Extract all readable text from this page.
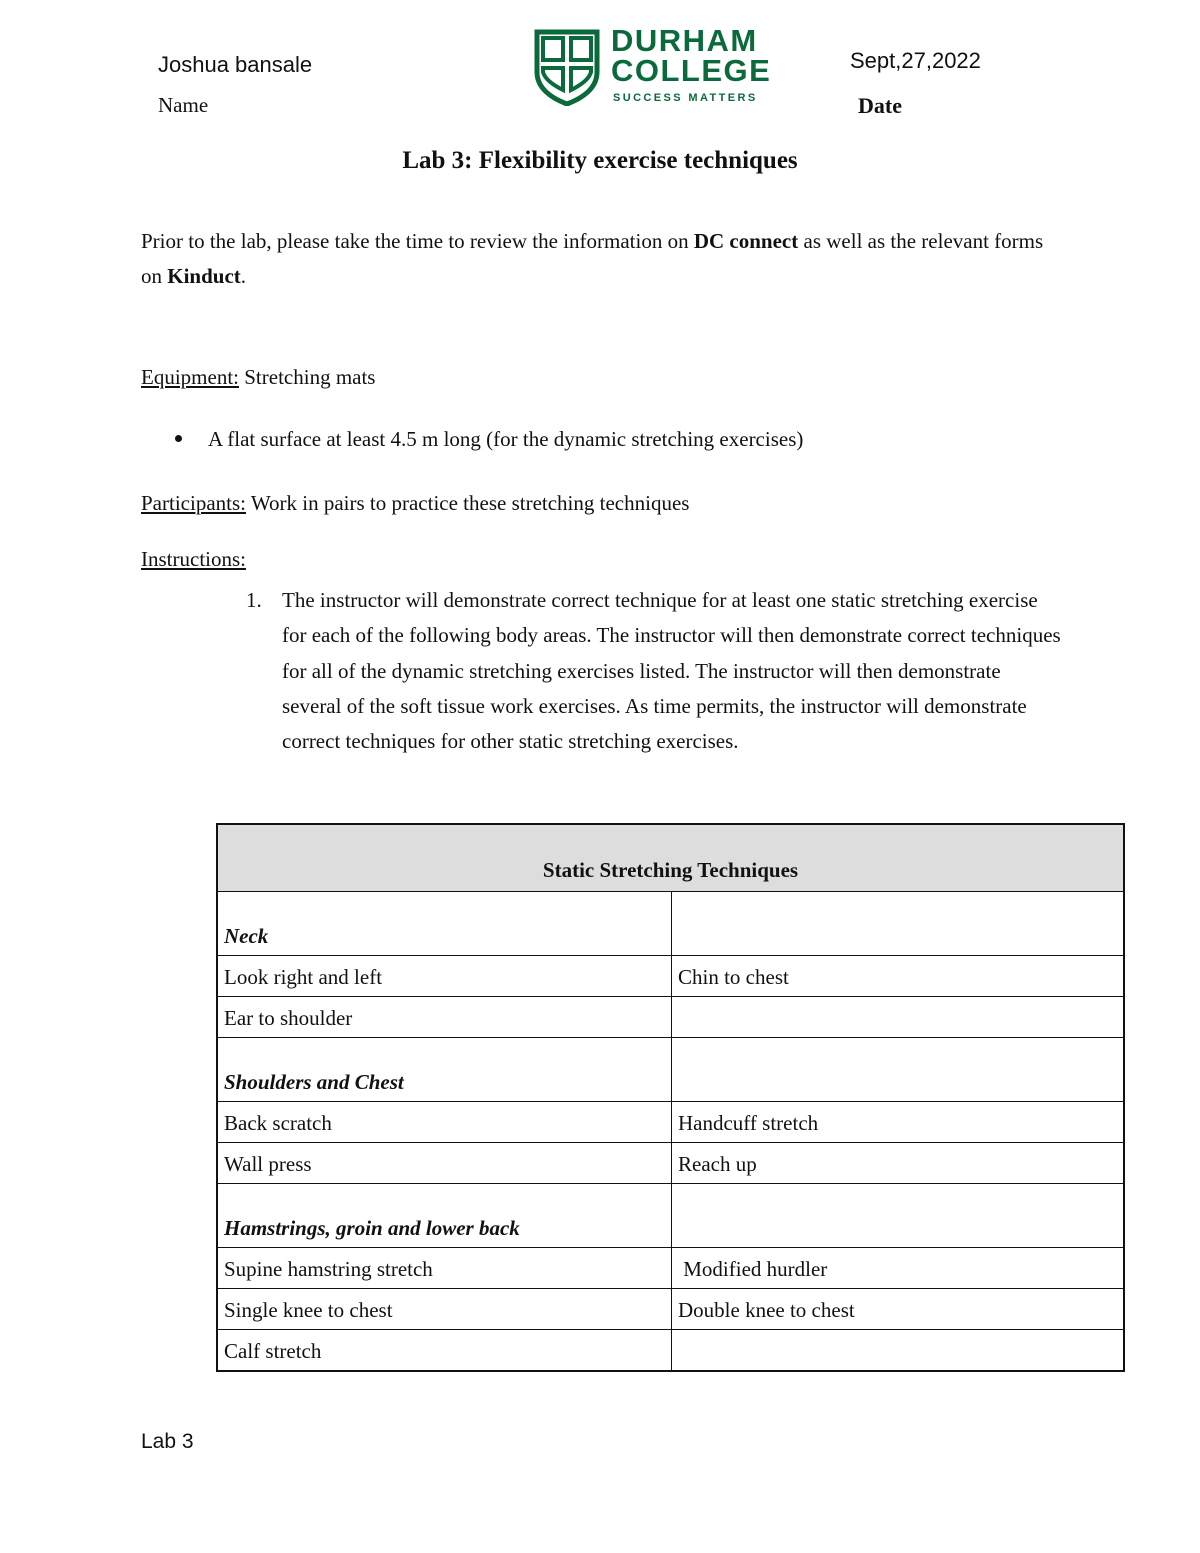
Joshua bansale
Name
Sept,27,2022
Date
DURHAM
COLLEGE
SUCCESS MATTERS
Lab 3: Flexibility exercise techniques
Prior to the lab, please take the time to review the information on DC connect as well as the relevant forms on Kinduct.
Equipment: Stretching mats
A flat surface at least 4.5 m long (for the dynamic stretching exercises)
Participants: Work in pairs to practice these stretching techniques
Instructions:
1. The instructor will demonstrate correct technique for at least one static stretching exercise for each of the following body areas. The instructor will then demonstrate correct techniques for all of the dynamic stretching exercises listed. The instructor will then demonstrate several of the soft tissue work exercises. As time permits, the instructor will demonstrate correct techniques for other static stretching exercises.
Static Stretching Techniques	
Neck	
Look right and left	Chin to chest
Ear to shoulder	
Shoulders and Chest	
Back scratch	Handcuff stretch
Wall press	Reach up
Hamstrings, groin and lower back	
Supine hamstring stretch	Modified hurdler
Single knee to chest	Double knee to chest
Calf stretch	
Lab 3
